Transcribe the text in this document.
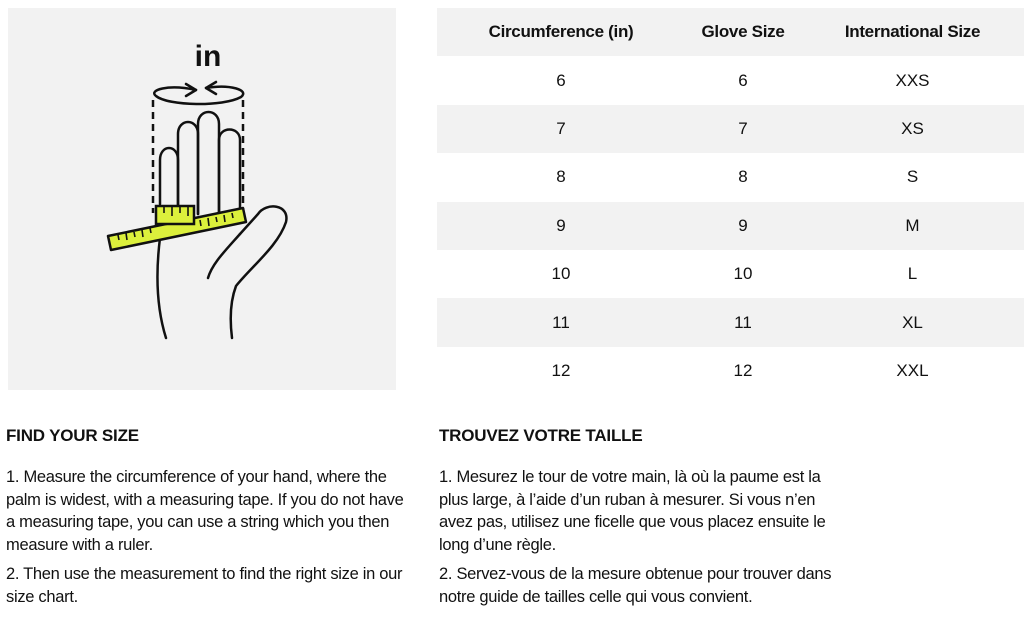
in
Circumference (in)	Glove Size	International Size
6	6	XXS
7	7	XS
8	8	S
9	9	M
10	10	L
11	11	XL
12	12	XXL
FIND YOUR SIZE

1. Measure the circumference of your hand, where the palm is widest, with a measuring tape. If you do not have a measuring tape, you can use a string which you then measure with a ruler.

2. Then use the measurement to find the right size in our size chart.

TROUVEZ VOTRE TAILLE

1. Mesurez le tour de votre main, là où la paume est la plus large, à l’aide d’un ruban à mesurer. Si vous n’en avez pas, utilisez une ficelle que vous placez ensuite le long d’une règle.

2. Servez-vous de la mesure obtenue pour trouver dans notre guide de tailles celle qui vous convient.
